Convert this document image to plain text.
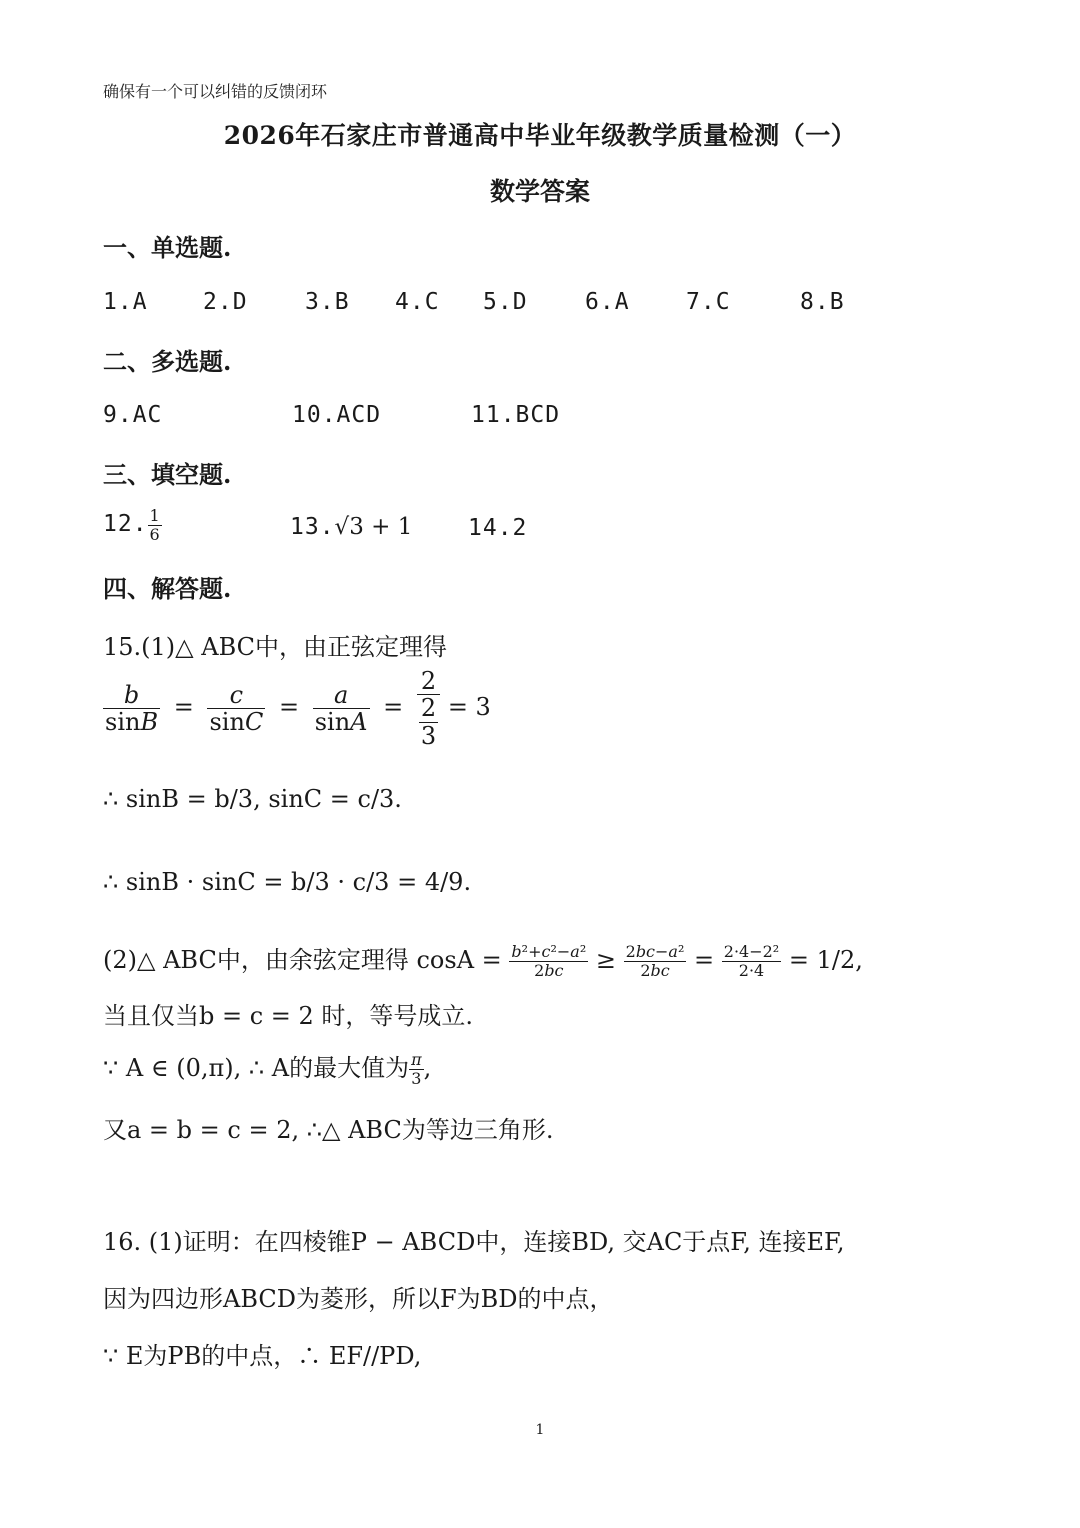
确保有一个可以纠错的反馈闭环
2026年石家庄市普通高中毕业年级教学质量检测（一）
数学答案
一、单选题.
1.A 2.D 3.B 4.C 5.D 6.A 7.C	8.B
二、多选题.
9.AC	10.ACD	11.BCD
三、填空题.
12. $\frac{1}{6}$	13.√3 + 1 14.2
四、解答题.
15.(1)△ ABC中，由正弦定理得
$\frac{b}{\sin B} = \frac{c}{\sin C} = \frac{a}{\sin A} = \frac{2}{\frac{2}{3}} = 3$
∴ sinB = b/3, sinC = c/3.
∴ sinB · sinC = b/3 · c/3 = 4/9.
(2)△ ABC中，由余弦定理得 $\cos A = \frac{\text{b²+c²−a²}}{2bc} \ge \frac{\text{2bc−a²}}{2bc} = \frac{\text{2·4−2²}}{2\cdot 4} = 1/2$,
当且仅当b = c = 2 时，等号成立.
∵ A ∈ (0,π), ∴ A的最大值为 $\frac{\pi}{3}$ ,
又a = b = c = 2, ∴△ ABC为等边三角形.
16. (1)证明：在四棱锥P − ABCD中，连接BD, 交AC于点F, 连接EF,
因为四边形ABCD为菱形，所以F为BD的中点，
∵ E为PB的中点，∴ EF//PD,
1
